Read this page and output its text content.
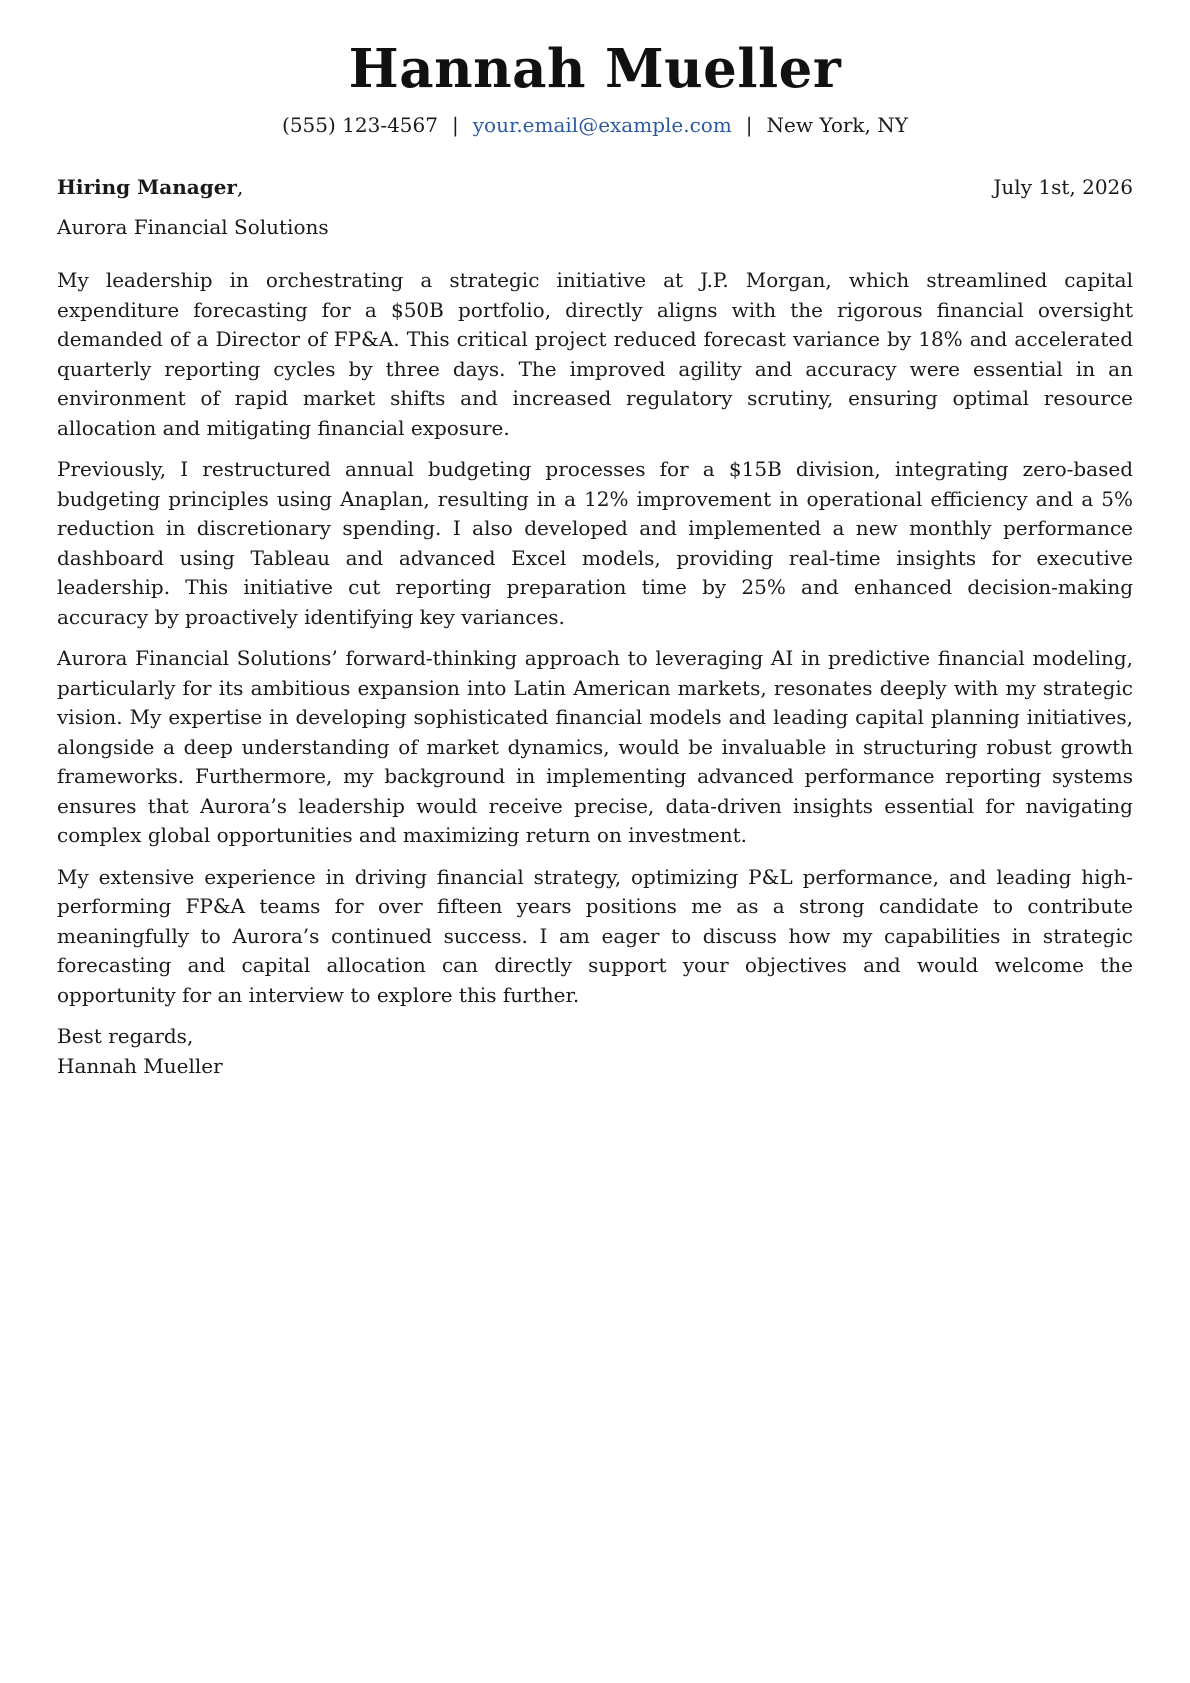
Hannah Mueller
(555) 123-4567 | your.email@example.com | New York, NY
Hiring Manager,	July 1st, 2026
Aurora Financial Solutions

My leadership in orchestrating a strategic initiative at J.P. Morgan, which streamlined capital expenditure forecasting for a $50B portfolio, directly aligns with the rigorous financial oversight demanded of a Director of FP&A. This critical project reduced forecast variance by 18% and accelerated quarterly reporting cycles by three days. The improved agility and accuracy were essential in an environment of rapid market shifts and increased regulatory scrutiny, ensuring optimal resource allocation and mitigating financial exposure.

Previously, I restructured annual budgeting processes for a $15B division, integrating zero-based budgeting principles using Anaplan, resulting in a 12% improvement in operational efficiency and a 5% reduction in discretionary spending. I also developed and implemented a new monthly performance dashboard using Tableau and advanced Excel models, providing real-time insights for executive leadership. This initiative cut reporting preparation time by 25% and enhanced decision-making accuracy by proactively identifying key variances.

Aurora Financial Solutions’ forward-thinking approach to leveraging AI in predictive financial modeling, particularly for its ambitious expansion into Latin American markets, resonates deeply with my strategic vision. My expertise in developing sophisticated financial models and leading capital planning initiatives, alongside a deep understanding of market dynamics, would be invaluable in structuring robust growth frameworks. Furthermore, my background in implementing advanced performance reporting systems ensures that Aurora’s leadership would receive precise, data-driven insights essential for navigating complex global opportunities and maximizing return on investment.

My extensive experience in driving financial strategy, optimizing P&L performance, and leading high-performing FP&A teams for over fifteen years positions me as a strong candidate to contribute meaningfully to Aurora’s continued success. I am eager to discuss how my capabilities in strategic forecasting and capital allocation can directly support your objectives and would welcome the opportunity for an interview to explore this further.

Best regards,
Hannah Mueller
